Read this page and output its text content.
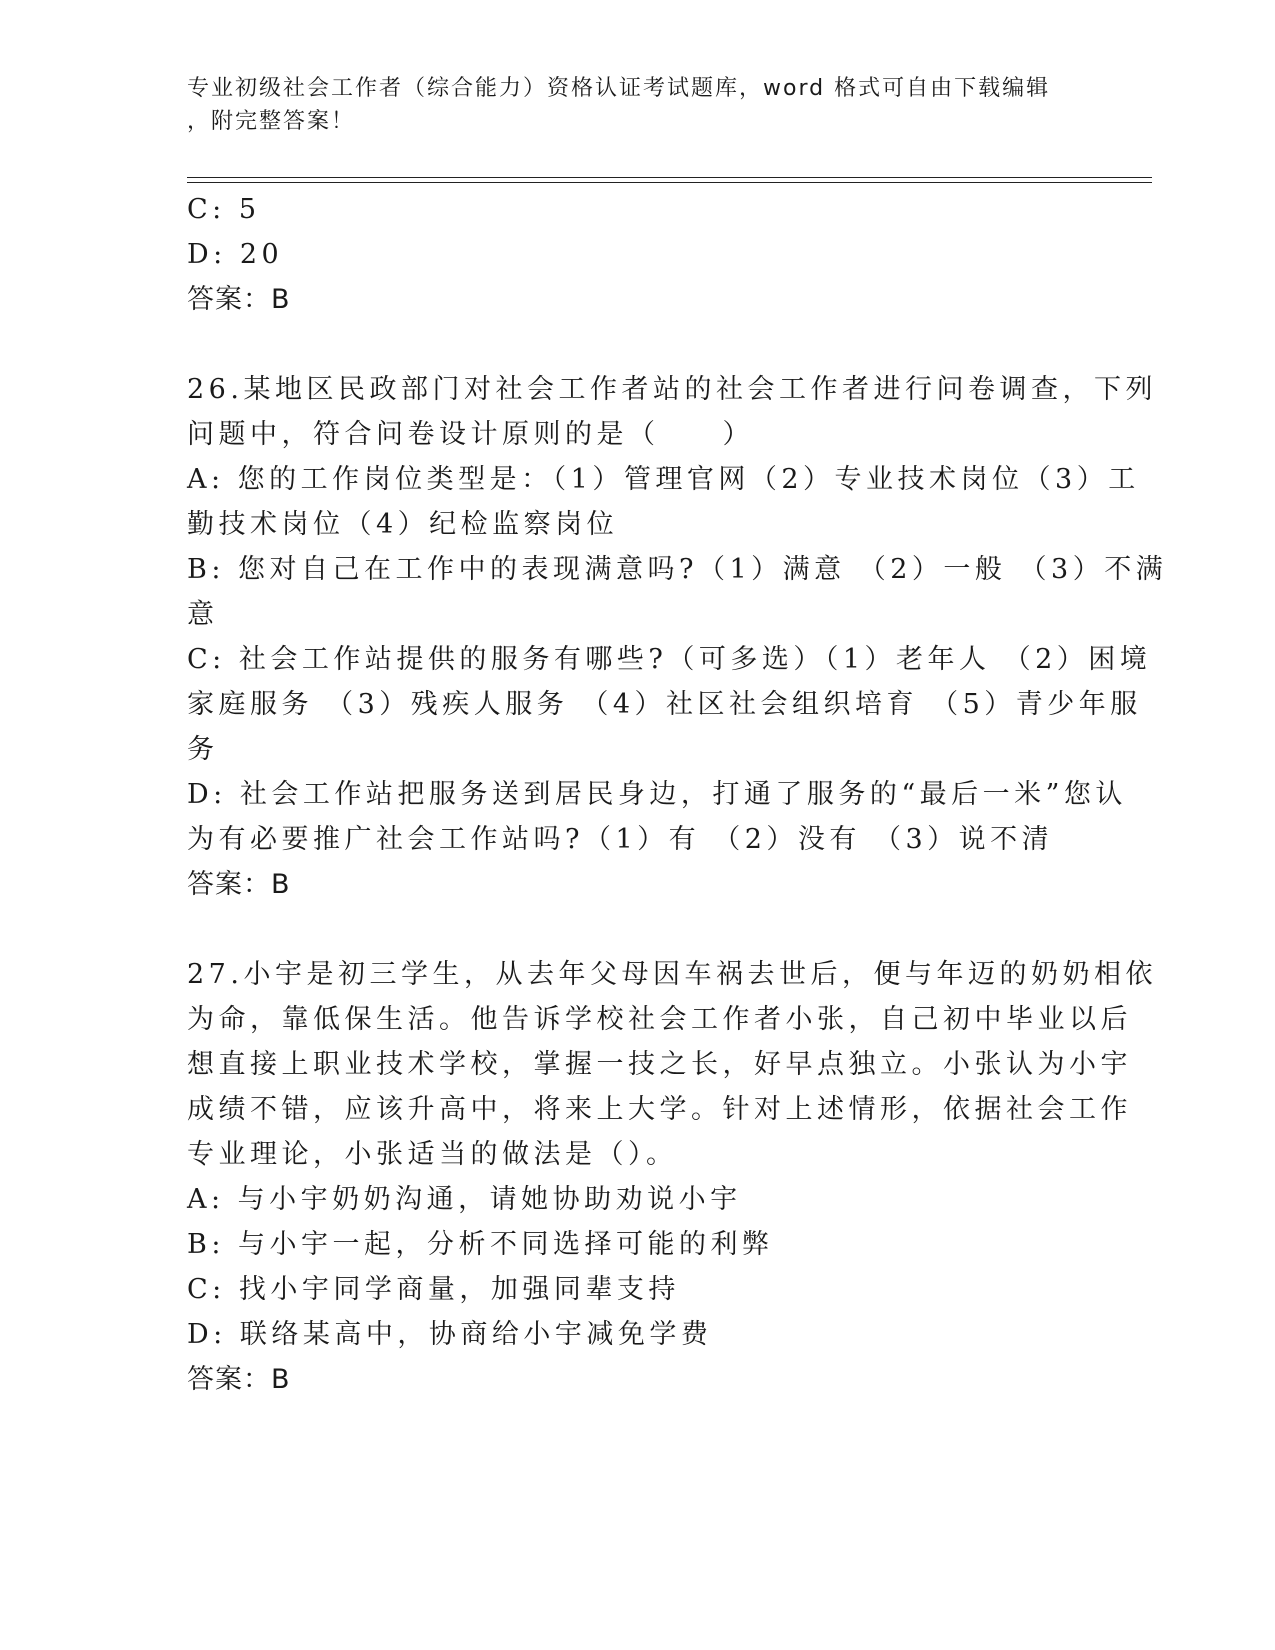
专业初级社会工作者（综合能力）资格认证考试题库，word 格式可自由下载编辑
，附完整答案！
C: 5
D: 20
答案：B
26.某地区民政部门对社会工作者站的社会工作者进行问卷调查，下列
问题中，符合问卷设计原则的是（　　）
A: 您的工作岗位类型是：（1）管理官网（2）专业技术岗位（3）工
勤技术岗位（4）纪检监察岗位
B: 您对自己在工作中的表现满意吗?（1）满意 （2）一般 （3）不满
意
C: 社会工作站提供的服务有哪些?（可多选）（1）老年人 （2）困境
家庭服务 （3）残疾人服务 （4）社区社会组织培育 （5）青少年服
务
D: 社会工作站把服务送到居民身边，打通了服务的“最后一米”您认
为有必要推广社会工作站吗?（1）有 （2）没有 （3）说不清
答案：B
27.小宇是初三学生，从去年父母因车祸去世后，便与年迈的奶奶相依
为命，靠低保生活。他告诉学校社会工作者小张，自己初中毕业以后
想直接上职业技术学校，掌握一技之长，好早点独立。小张认为小宇
成绩不错，应该升高中，将来上大学。针对上述情形，依据社会工作
专业理论，小张适当的做法是（）。
A: 与小宇奶奶沟通，请她协助劝说小宇
B: 与小宇一起，分析不同选择可能的利弊
C: 找小宇同学商量，加强同辈支持
D: 联络某高中，协商给小宇减免学费
答案：B
